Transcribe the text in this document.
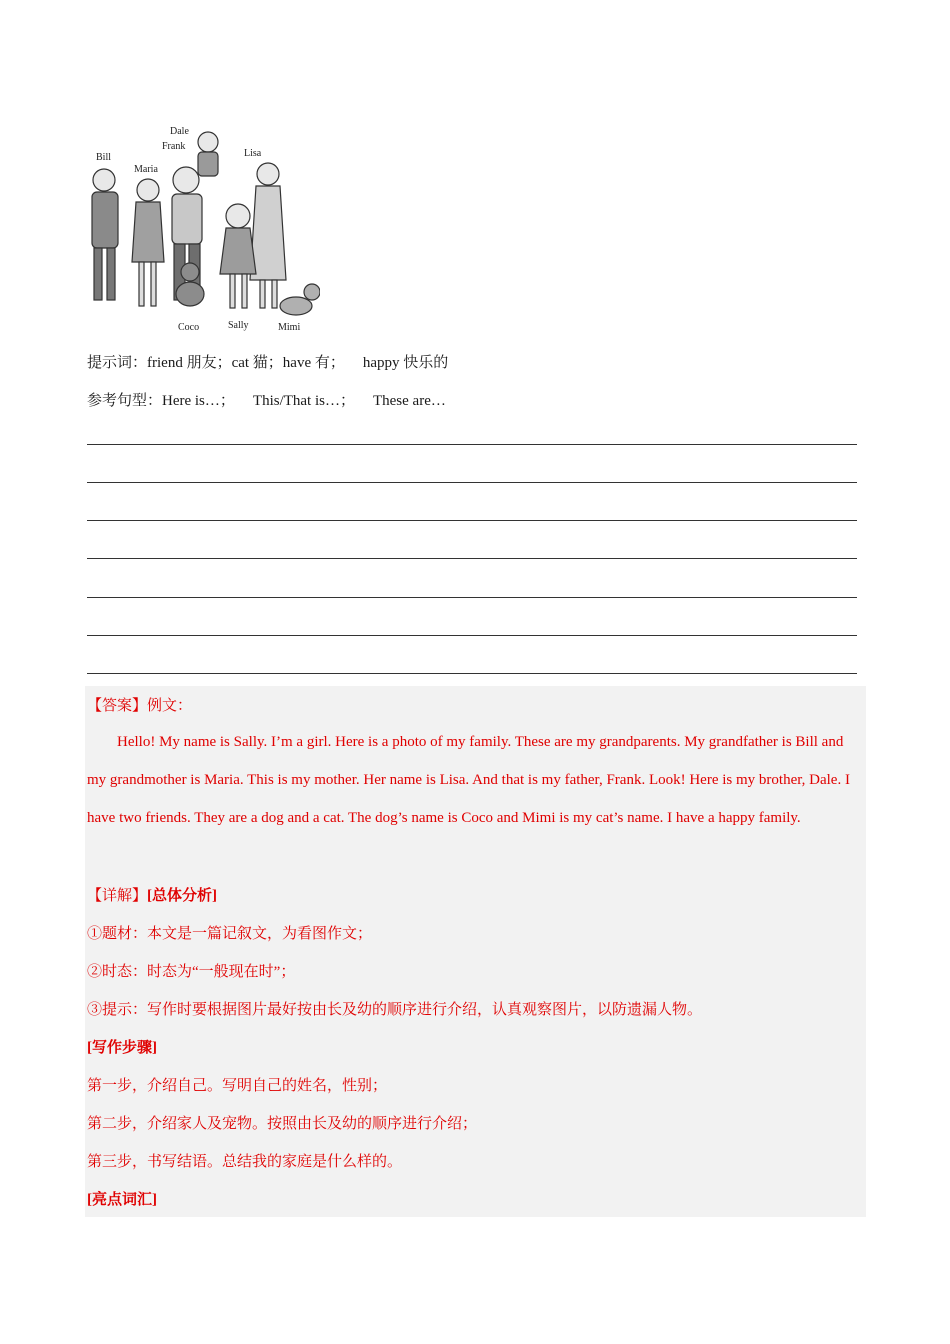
Dale
Frank
Bill
Maria
Lisa
Coco	Sally	Mimi
提示词：friend 朋友；cat 猫；have 有； happy 快乐的
参考句型：Here is…； This/That is…； These are…
【答案】例文：
Hello! My name is Sally. I’m a girl. Here is a photo of my family. These are my grandparents. My grandfather is Bill and my grandmother is Maria. This is my mother. Her name is Lisa. And that is my father, Frank. Look! Here is my brother, Dale. I have two friends. They are a dog and a cat. The dog’s name is Coco and Mimi is my cat’s name. I have a happy family.
【详解】[总体分析]
①题材：本文是一篇记叙文，为看图作文；
②时态：时态为“一般现在时”；
③提示：写作时要根据图片最好按由长及幼的顺序进行介绍，认真观察图片，以防遗漏人物。
[写作步骤]
第一步，介绍自己。写明自己的姓名，性别；
第二步，介绍家人及宠物。按照由长及幼的顺序进行介绍；
第三步，书写结语。总结我的家庭是什么样的。
[亮点词汇]
